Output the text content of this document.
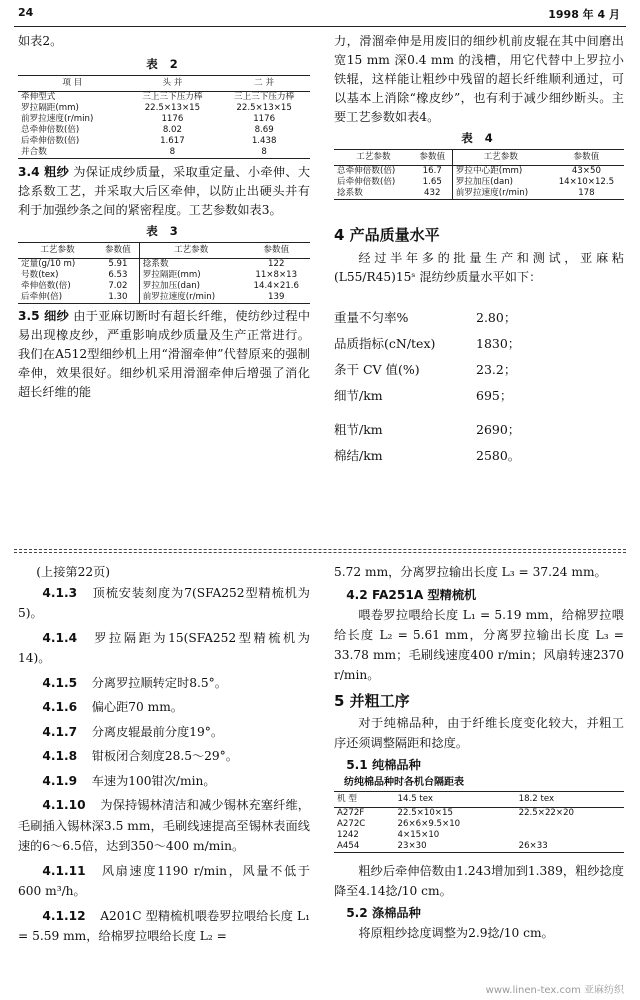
24	1998 年 4 月

如表2。

表 2
项 目	头 并	二 并
牵伸型式	三上三下压力棒	三上三下压力棒
罗拉隔距(mm)	22.5×13×15	22.5×13×15
前罗拉速度(r/min)	1176	1176
总牵伸倍数(倍)	8.02	8.69
后牵伸倍数(倍)	1.617	1.438
并合数	8	8

3.4 粗纱 为保证成纱质量，采取重定量、小牵伸、大捻系数工艺，并采取大后区牵伸，以防止出硬头并有利于加强纱条之间的紧密程度。工艺参数如表3。

表 3
工艺参数	参数值	工艺参数	参数值
定量(g/10 m)	5.91	捻系数	122
号数(tex)	6.53	罗拉隔距(mm)	11×8×13
牵伸倍数(倍)	7.02	罗拉加压(dan)	14.4×21.6
后牵伸(倍)	1.30	前罗拉速度(r/min)	139

3.5 细纱 由于亚麻切断时有超长纤维，使纺纱过程中易出现橡皮纱，严重影响成纱质量及生产正常进行。我们在A512型细纱机上用“滑溜牵伸”代替原来的强制牵伸，效果很好。细纱机采用滑溜牵伸后增强了消化超长纤维的能

力，滑溜牵伸是用废旧的细纱机前皮辊在其中间磨出宽15 mm 深0.4 mm 的浅槽，用它代替中上罗拉小铁辊，这样能让粗纱中残留的超长纤维顺利通过，可以基本上消除“橡皮纱”，也有利于减少细纱断头。主要工艺参数如表4。

表 4
工艺参数	参数值	工艺参数	参数值
总牵伸倍数(倍)	16.7	罗拉中心距(mm)	43×50
后牵伸倍数(倍)	1.65	罗拉加压(dan)	14×10×12.5
捻系数	432	前罗拉速度(r/min)	178
4 产品质量水平

经过半年多的批量生产和测试，亚麻粘(L55/R45)15ˢ 混纺纱质量水平如下：

重量不匀率%	2.80；
品质指标(cN/tex)	1830；
条干 CV 值(%)	23.2；
细节/km	695；
粗节/km	2690；
棉结/km	2580。

(上接第22页)

4.1.3 顶梳安装刻度为7(SFA252型精梳机为5)。

4.1.4 罗拉隔距为15(SFA252型精梳机为14)。

4.1.5 分离罗拉顺转定时8.5°。

4.1.6 偏心距70 mm。

4.1.7 分离皮辊最前分度19°。

4.1.8 钳板闭合刻度28.5～29°。

4.1.9 车速为100钳次/min。

4.1.10 为保持锡林清洁和减少锡林充塞纤维，毛刷插入锡林深3.5 mm，毛刷线速提高至锡林表面线速的6～6.5倍，达到350～400 m/min。

4.1.11 风扇速度1190 r/min，风量不低于600 m³/h。

4.1.12 A201C 型精梳机喂卷罗拉喂给长度 L₁ = 5.59 mm，给棉罗拉喂给长度 L₂ =

5.72 mm，分离罗拉输出长度 L₃ = 37.24 mm。

4.2 FA251A 型精梳机

喂卷罗拉喂给长度 L₁ = 5.19 mm，给棉罗拉喂给长度 L₂ = 5.61 mm，分离罗拉输出长度 L₃ = 33.78 mm；毛刷线速度400 r/min；风扇转速2370 r/min。

5 并粗工序

对于纯棉品种，由于纤维长度变化较大，并粗工序还须调整隔距和捻度。

5.1 纯棉品种
纺纯棉品种时各机台隔距表
机 型	14.5 tex	18.2 tex
A272F	22.5×10×15	22.5×22×20
A272C	26×6×9.5×10	
1242	4×15×10	
A454	23×30	26×33

粗纱后牵伸倍数由1.243增加到1.389，粗纱捻度降至4.14捻/10 cm。

5.2 涤棉品种

将原粗纱捻度调整为2.9捻/10 cm。

www.linen-tex.com 亚麻纺织
